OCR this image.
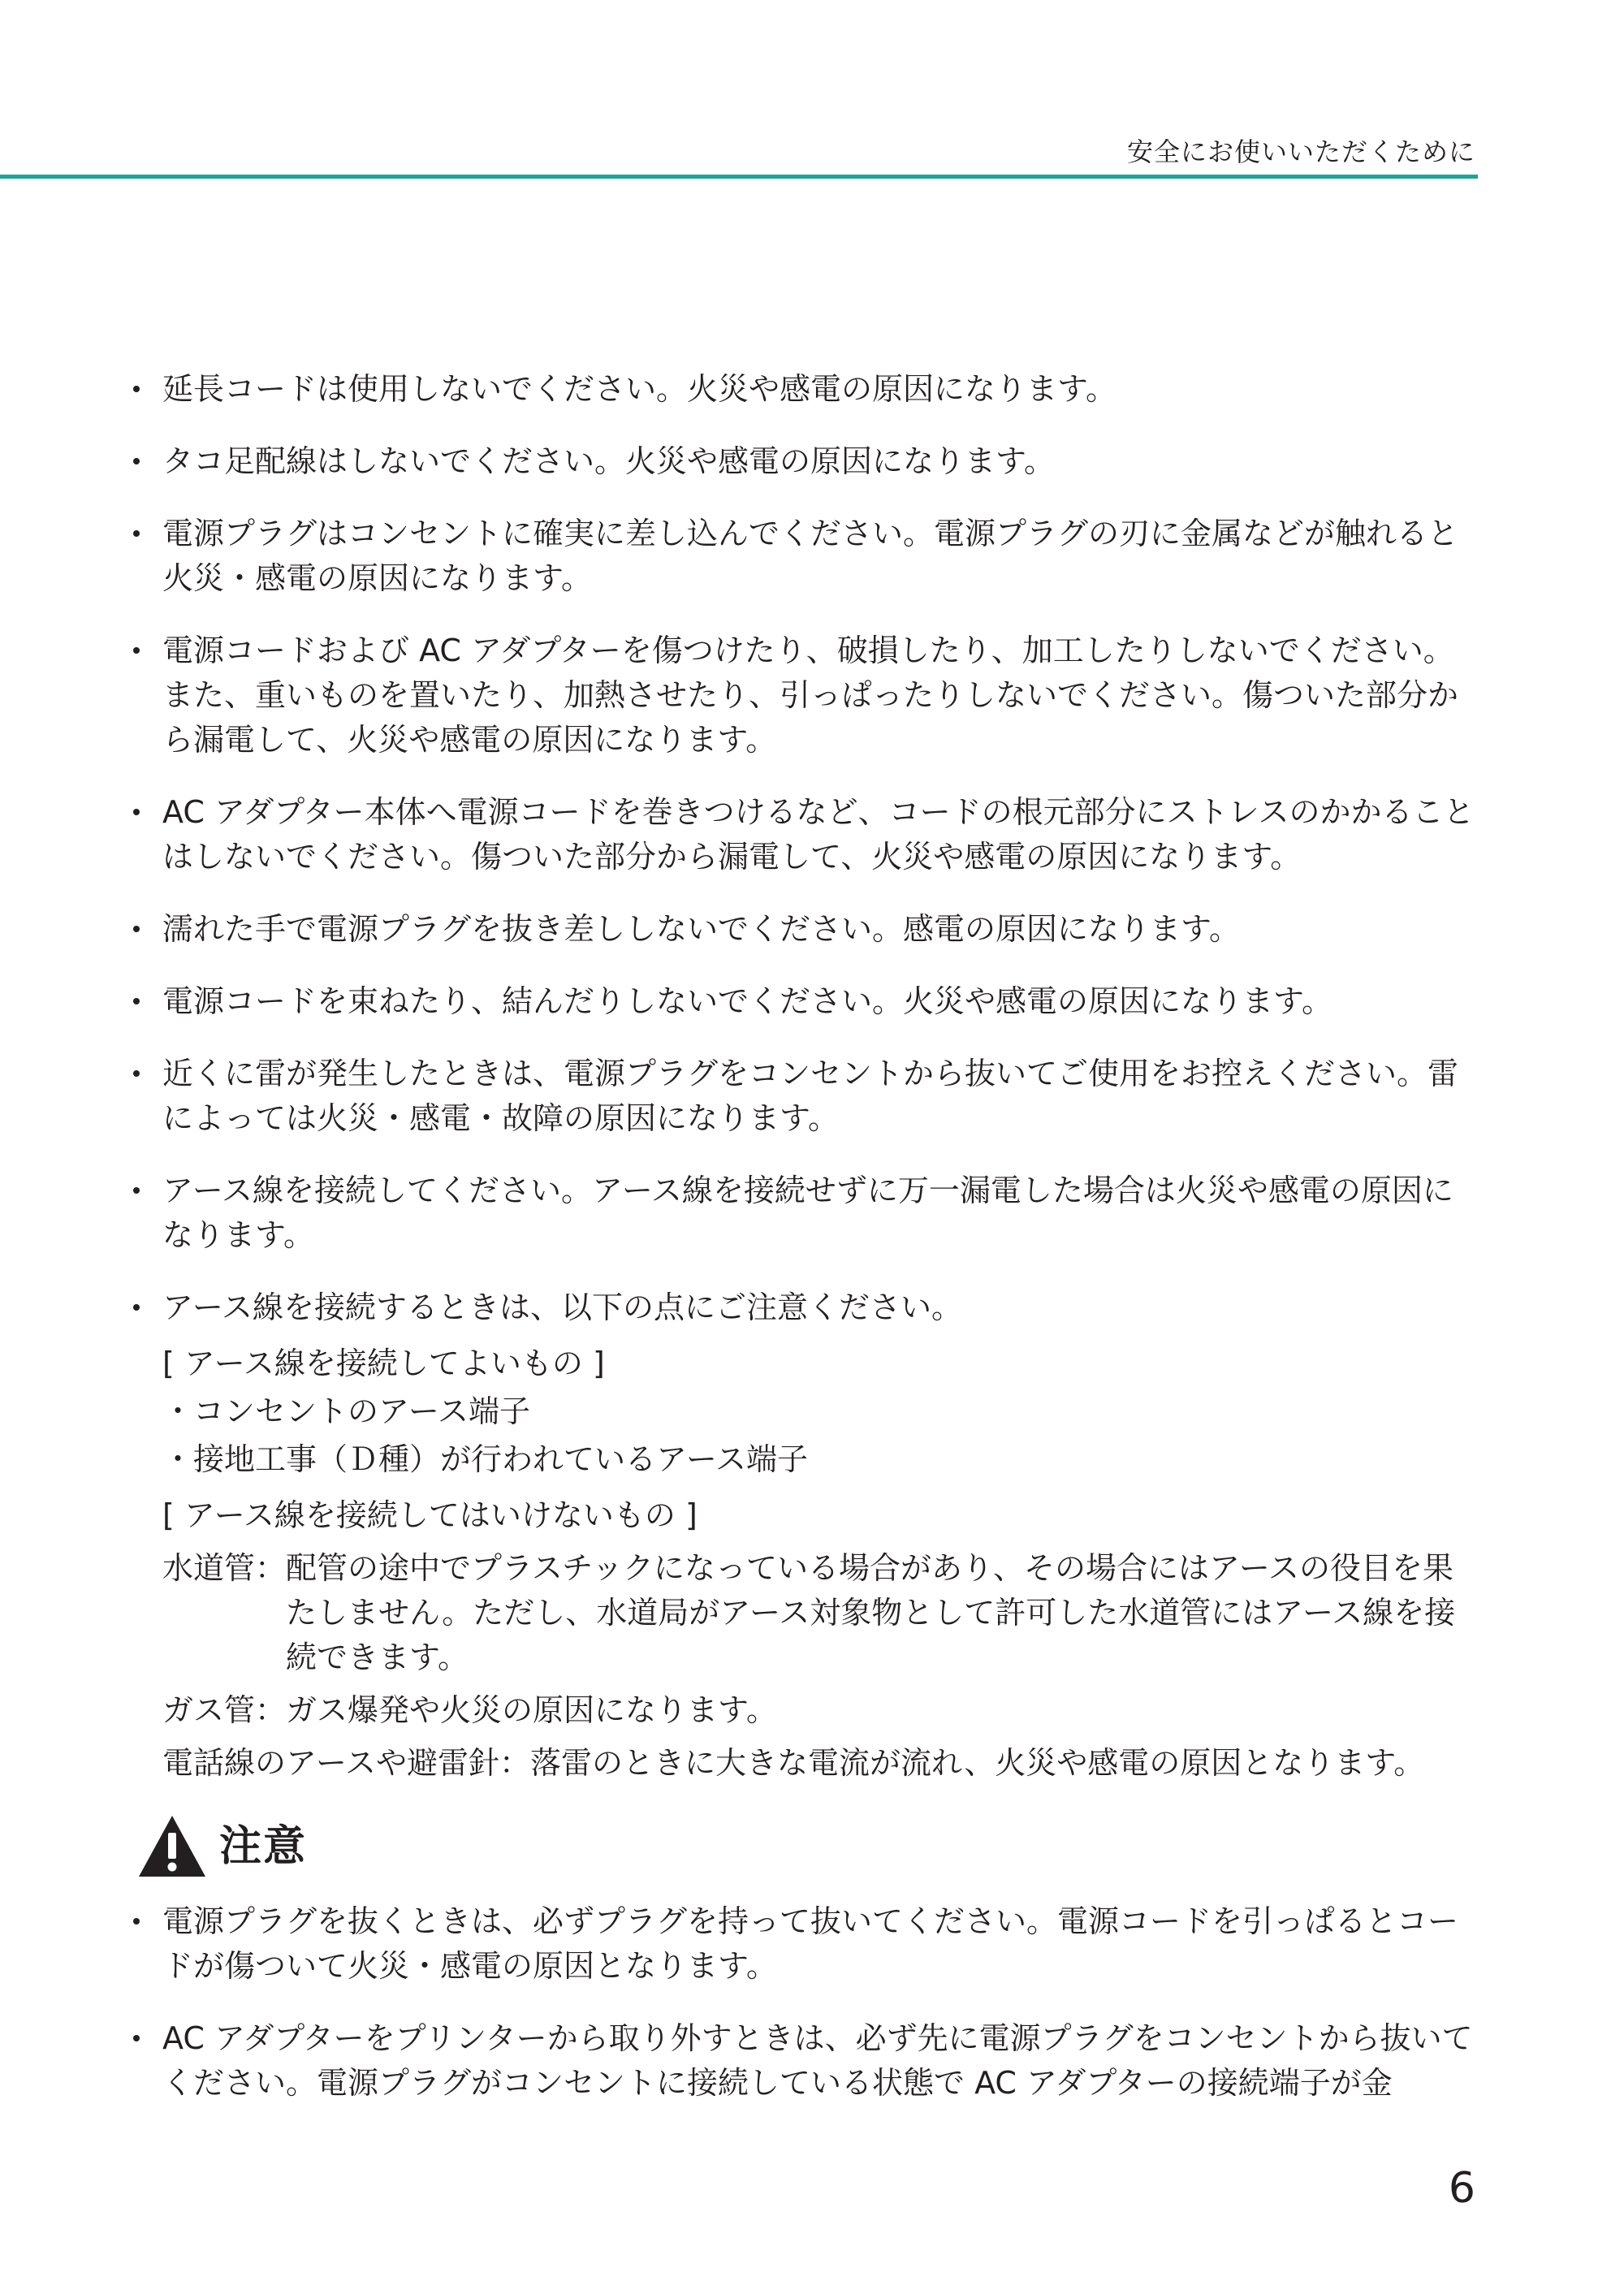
安全にお使いいただくために
延長コードは使用しないでください。火災や感電の原因になります。
タコ足配線はしないでください。火災や感電の原因になります。
電源プラグはコンセントに確実に差し込んでください。電源プラグの刃に金属などが触れると火災・感電の原因になります。
電源コードおよび AC アダプターを傷つけたり、破損したり、加工したりしないでください。また、重いものを置いたり、加熱させたり、引っぱったりしないでください。傷ついた部分から漏電して、火災や感電の原因になります。
AC アダプター本体へ電源コードを巻きつけるなど、コードの根元部分にストレスのかかることはしないでください。傷ついた部分から漏電して、火災や感電の原因になります。
濡れた手で電源プラグを抜き差ししないでください。感電の原因になります。
電源コードを束ねたり、結んだりしないでください。火災や感電の原因になります。
近くに雷が発生したときは、電源プラグをコンセントから抜いてご使用をお控えください。雷によっては火災・感電・故障の原因になります。
アース線を接続してください。アース線を接続せずに万一漏電した場合は火災や感電の原因になります。
アース線を接続するときは、以下の点にご注意ください。
[ アース線を接続してよいもの ]
・コンセントのアース端子
・接地工事（Ｄ種）が行われているアース端子
[ アース線を接続してはいけないもの ]
水道管： 配管の途中でプラスチックになっている場合があり、その場合にはアースの役目を果たしません。ただし、水道局がアース対象物として許可した水道管にはアース線を接続できます。
ガス管： ガス爆発や火災の原因になります。
電話線のアースや避雷針： 落雷のときに大きな電流が流れ、火災や感電の原因となります。
注意
電源プラグを抜くときは、必ずプラグを持って抜いてください。電源コードを引っぱるとコードが傷ついて火災・感電の原因となります。
AC アダプターをプリンターから取り外すときは、必ず先に電源プラグをコンセントから抜いてください。電源プラグがコンセントに接続している状態で AC アダプターの接続端子が金
6
